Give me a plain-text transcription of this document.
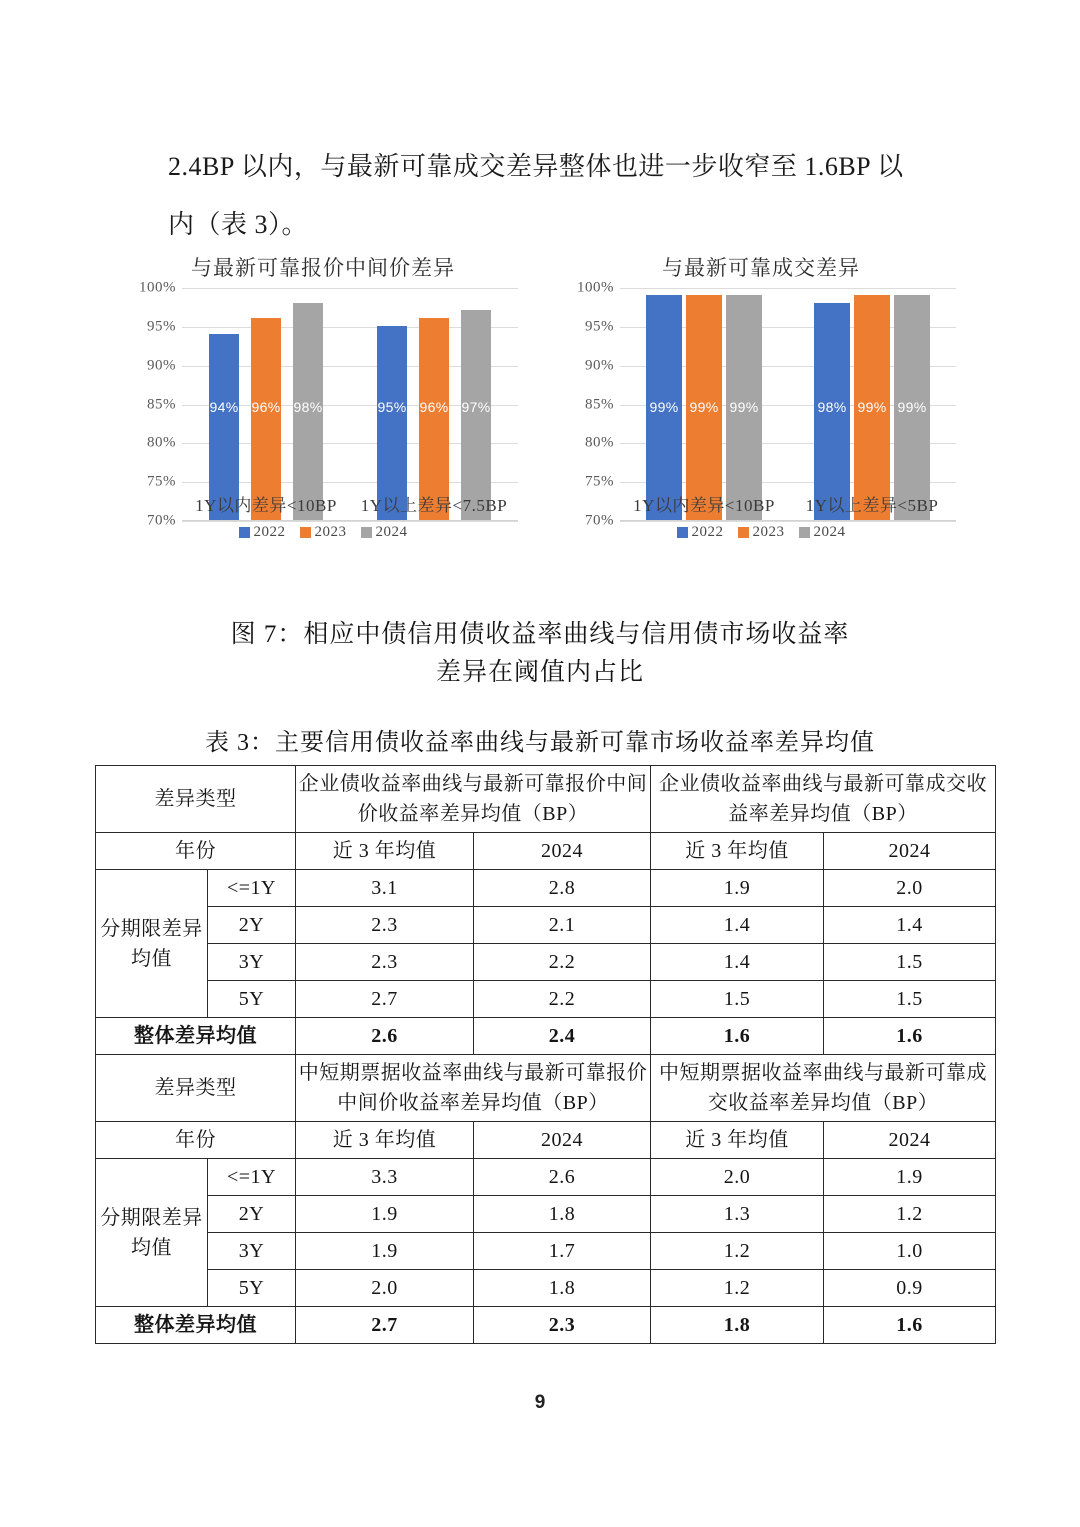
2.4BP 以内，与最新可靠成交差异整体也进一步收窄至 1.6BP 以内（表 3）。
与最新可靠报价中间价差异
100%
95%
90%
85%
80%
75%
70%
94% 96% 98%	95% 96% 97%
1Y以内差异<10BP	1Y以上差异<7.5BP
2022 2023 2024
与最新可靠成交差异
100%
95%
90%
85%
80%
75%
70%
99% 99% 99%	98% 99% 99%
1Y以内差异<10BP	1Y以上差异<5BP
2022 2023 2024
图 7：相应中债信用债收益率曲线与信用债市场收益率
差异在阈值内占比
表 3：主要信用债收益率曲线与最新可靠市场收益率差异均值
差异类型		企业债收益率曲线与最新可靠报价中间价收益率差异均值（BP）		企业债收益率曲线与最新可靠成交收益率差异均值（BP）	
年份		近 3 年均值	2024	近 3 年均值	2024
分期限差异均值	<=1Y	3.1	2.8	1.9	2.0
	2Y	2.3	2.1	1.4	1.4
	3Y	2.3	2.2	1.4	1.5
	5Y	2.7	2.2	1.5	1.5
整体差异均值		2.6	2.4	1.6	1.6
差异类型		中短期票据收益率曲线与最新可靠报价中间价收益率差异均值（BP）		中短期票据收益率曲线与最新可靠成交收益率差异均值（BP）	
年份		近 3 年均值	2024	近 3 年均值	2024
分期限差异均值	<=1Y	3.3	2.6	2.0	1.9
	2Y	1.9	1.8	1.3	1.2
	3Y	1.9	1.7	1.2	1.0
	5Y	2.0	1.8	1.2	0.9
整体差异均值		2.7	2.3	1.8	1.6
9
